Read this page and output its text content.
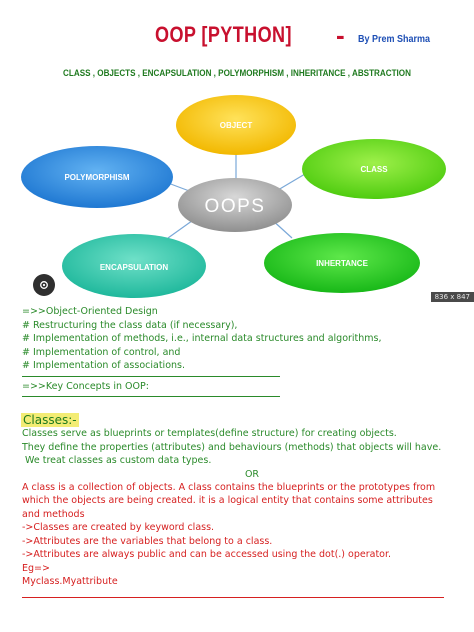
OOP [PYTHON] - By Prem Sharma
CLASS , OBJECTS , ENCAPSULATION , POLYMORPHISM , INHERITANCE , ABSTRACTION
OBJECT
CLASS
INHERTANCE
ENCAPSULATION
POLYMORPHISM
OOPS
836 x 847
=>>Object-Oriented Design
# Restructuring the class data (if necessary),
# Implementation of methods, i.e., internal data structures and algorithms,
# Implementation of control, and
# Implementation of associations.
=>>Key Concepts in OOP:
Classes:-
Classes serve as blueprints or templates(define structure) for creating objects.
They define the properties (attributes) and behaviours (methods) that objects will have.
We treat classes as custom data types.
OR
A class is a collection of objects. A class contains the blueprints or the prototypes from
which the objects are being created. it is a logical entity that contains some attributes
and methods
->Classes are created by keyword class.
->Attributes are the variables that belong to a class.
->Attributes are always public and can be accessed using the dot(.) operator.
Eg=>
Myclass.Myattribute
